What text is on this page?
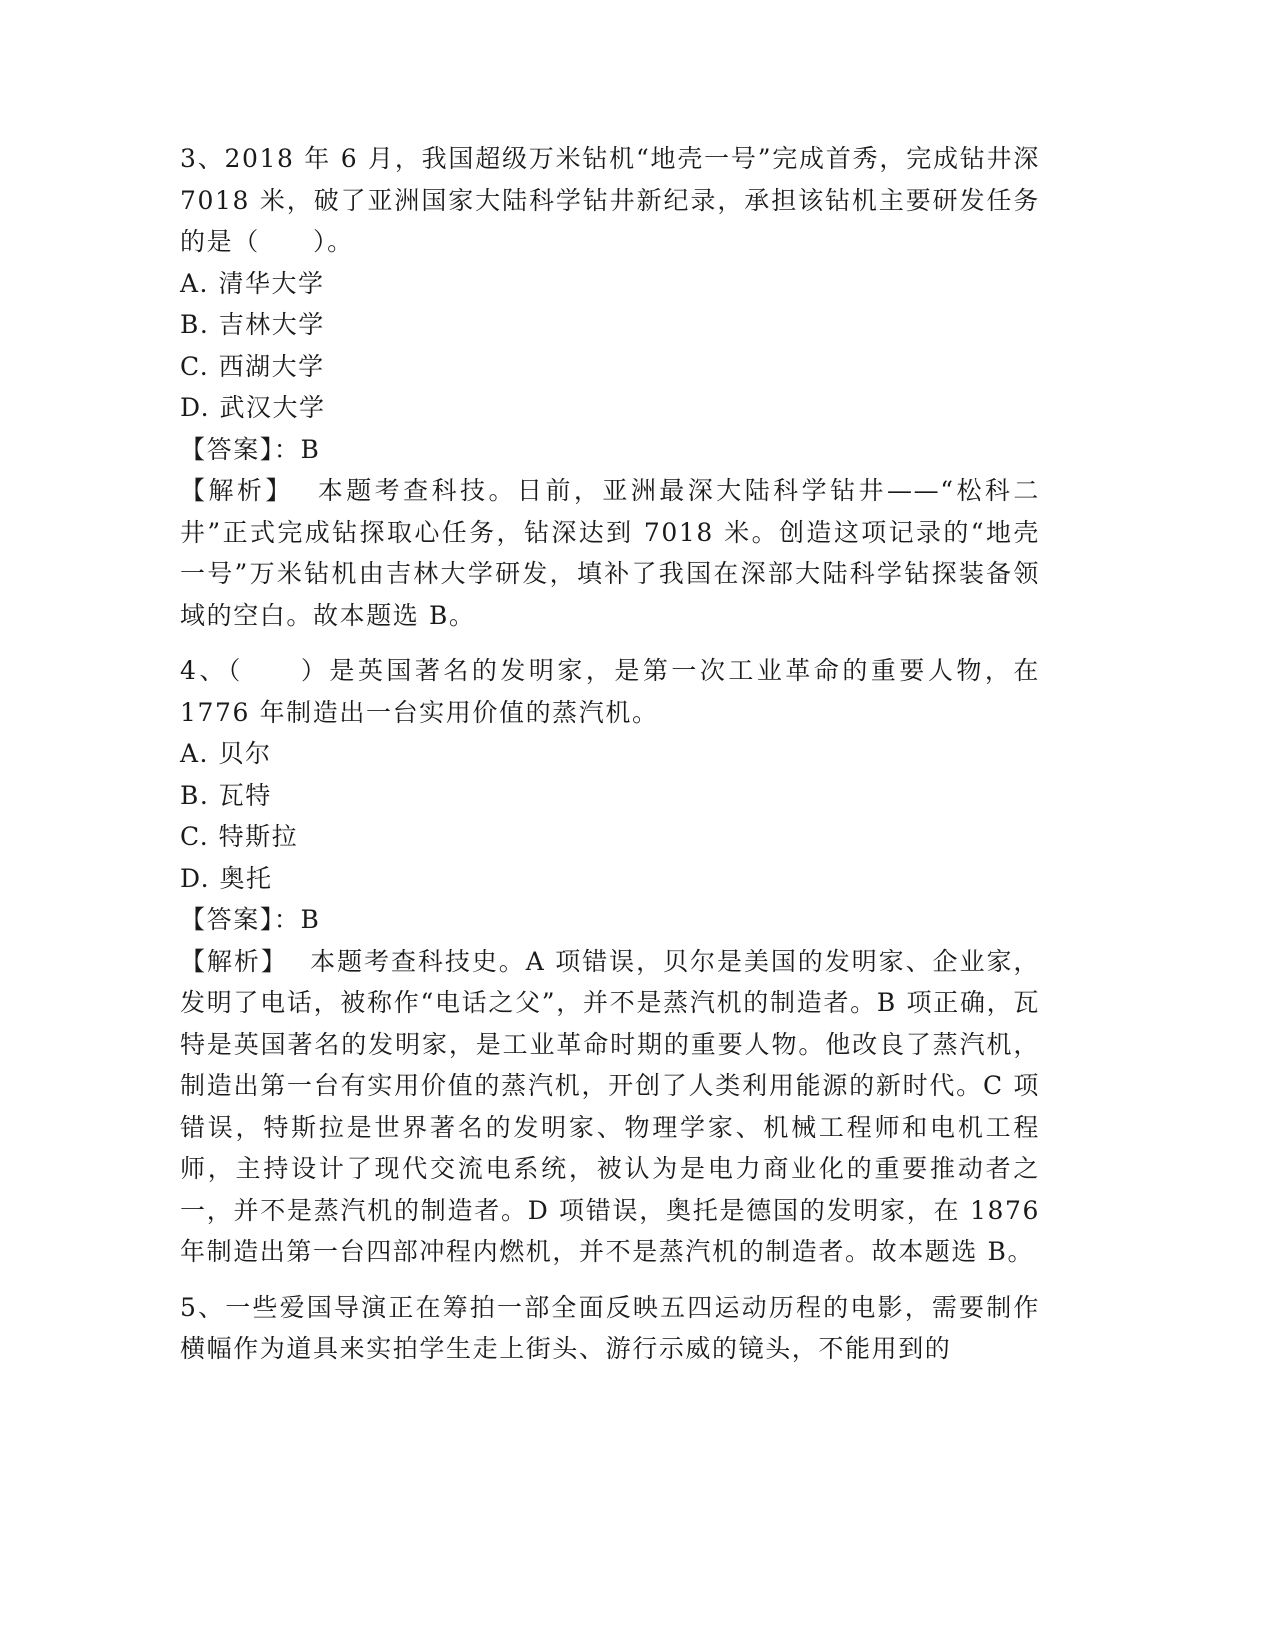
3、2018 年 6 月，我国超级万米钻机“地壳一号”完成首秀，完成钻井深 7018 米，破了亚洲国家大陆科学钻井新纪录，承担该钻机主要研发任务的是（　　）。

A. 清华大学

B. 吉林大学

C. 西湖大学

D. 武汉大学

【答案】：B

【解析】 本题考查科技。日前，亚洲最深大陆科学钻井——“松科二井”正式完成钻探取心任务，钻深达到 7018 米。创造这项记录的“地壳一号”万米钻机由吉林大学研发，填补了我国在深部大陆科学钻探装备领域的空白。故本题选 B。

4、（　　）是英国著名的发明家，是第一次工业革命的重要人物，在 1776 年制造出一台实用价值的蒸汽机。

A. 贝尔

B. 瓦特

C. 特斯拉

D. 奥托

【答案】：B

【解析】 本题考查科技史。A 项错误，贝尔是美国的发明家、企业家，发明了电话，被称作“电话之父”，并不是蒸汽机的制造者。B 项正确，瓦特是英国著名的发明家，是工业革命时期的重要人物。他改良了蒸汽机，制造出第一台有实用价值的蒸汽机，开创了人类利用能源的新时代。C 项错误，特斯拉是世界著名的发明家、物理学家、机械工程师和电机工程师，主持设计了现代交流电系统，被认为是电力商业化的重要推动者之一，并不是蒸汽机的制造者。D 项错误，奥托是德国的发明家，在 1876 年制造出第一台四部冲程内燃机，并不是蒸汽机的制造者。故本题选 B。

5、一些爱国导演正在筹拍一部全面反映五四运动历程的电影，需要制作横幅作为道具来实拍学生走上街头、游行示威的镜头，不能用到的
